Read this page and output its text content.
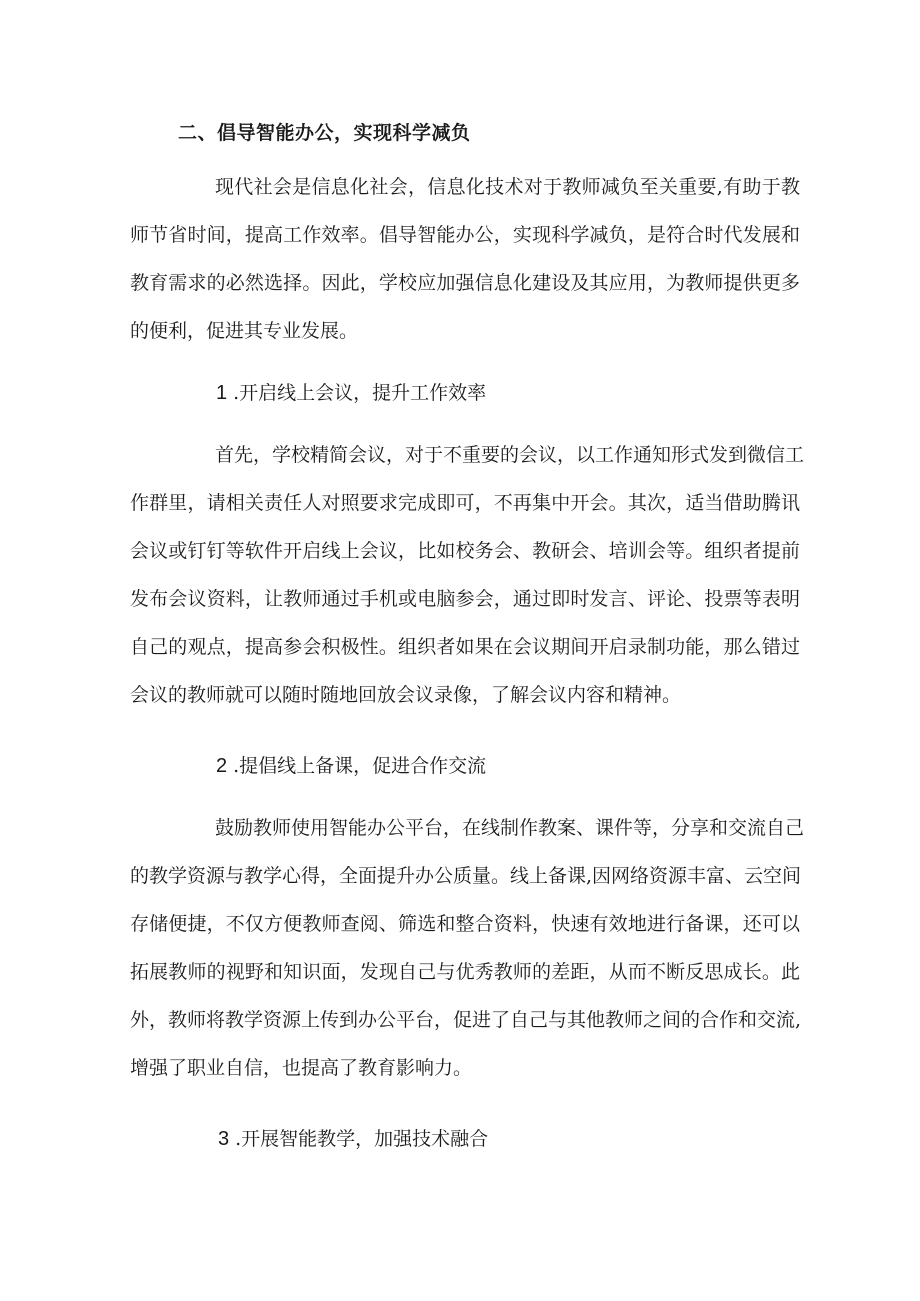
二、倡导智能办公，实现科学减负
现代社会是信息化社会，信息化技术对于教师减负至关重要,有助于教
师节省时间，提高工作效率。倡导智能办公，实现科学减负，是符合时代发展和
教育需求的必然选择。因此，学校应加强信息化建设及其应用，为教师提供更多
的便利，促进其专业发展。
1 .开启线上会议，提升工作效率
首先，学校精简会议，对于不重要的会议，以工作通知形式发到微信工
作群里，请相关责任人对照要求完成即可，不再集中开会。其次，适当借助腾讯
会议或钉钉等软件开启线上会议，比如校务会、教研会、培训会等。组织者提前
发布会议资料，让教师通过手机或电脑参会，通过即时发言、评论、投票等表明
自己的观点，提高参会积极性。组织者如果在会议期间开启录制功能，那么错过
会议的教师就可以随时随地回放会议录像，了解会议内容和精神。
2 .提倡线上备课，促进合作交流
鼓励教师使用智能办公平台，在线制作教案、课件等，分享和交流自己
的教学资源与教学心得，全面提升办公质量。线上备课,因网络资源丰富、云空间
存储便捷，不仅方便教师查阅、筛选和整合资料，快速有效地进行备课，还可以
拓展教师的视野和知识面，发现自己与优秀教师的差距，从而不断反思成长。此
外，教师将教学资源上传到办公平台，促进了自己与其他教师之间的合作和交流,
增强了职业自信，也提高了教育影响力。
3 .开展智能教学，加强技术融合
